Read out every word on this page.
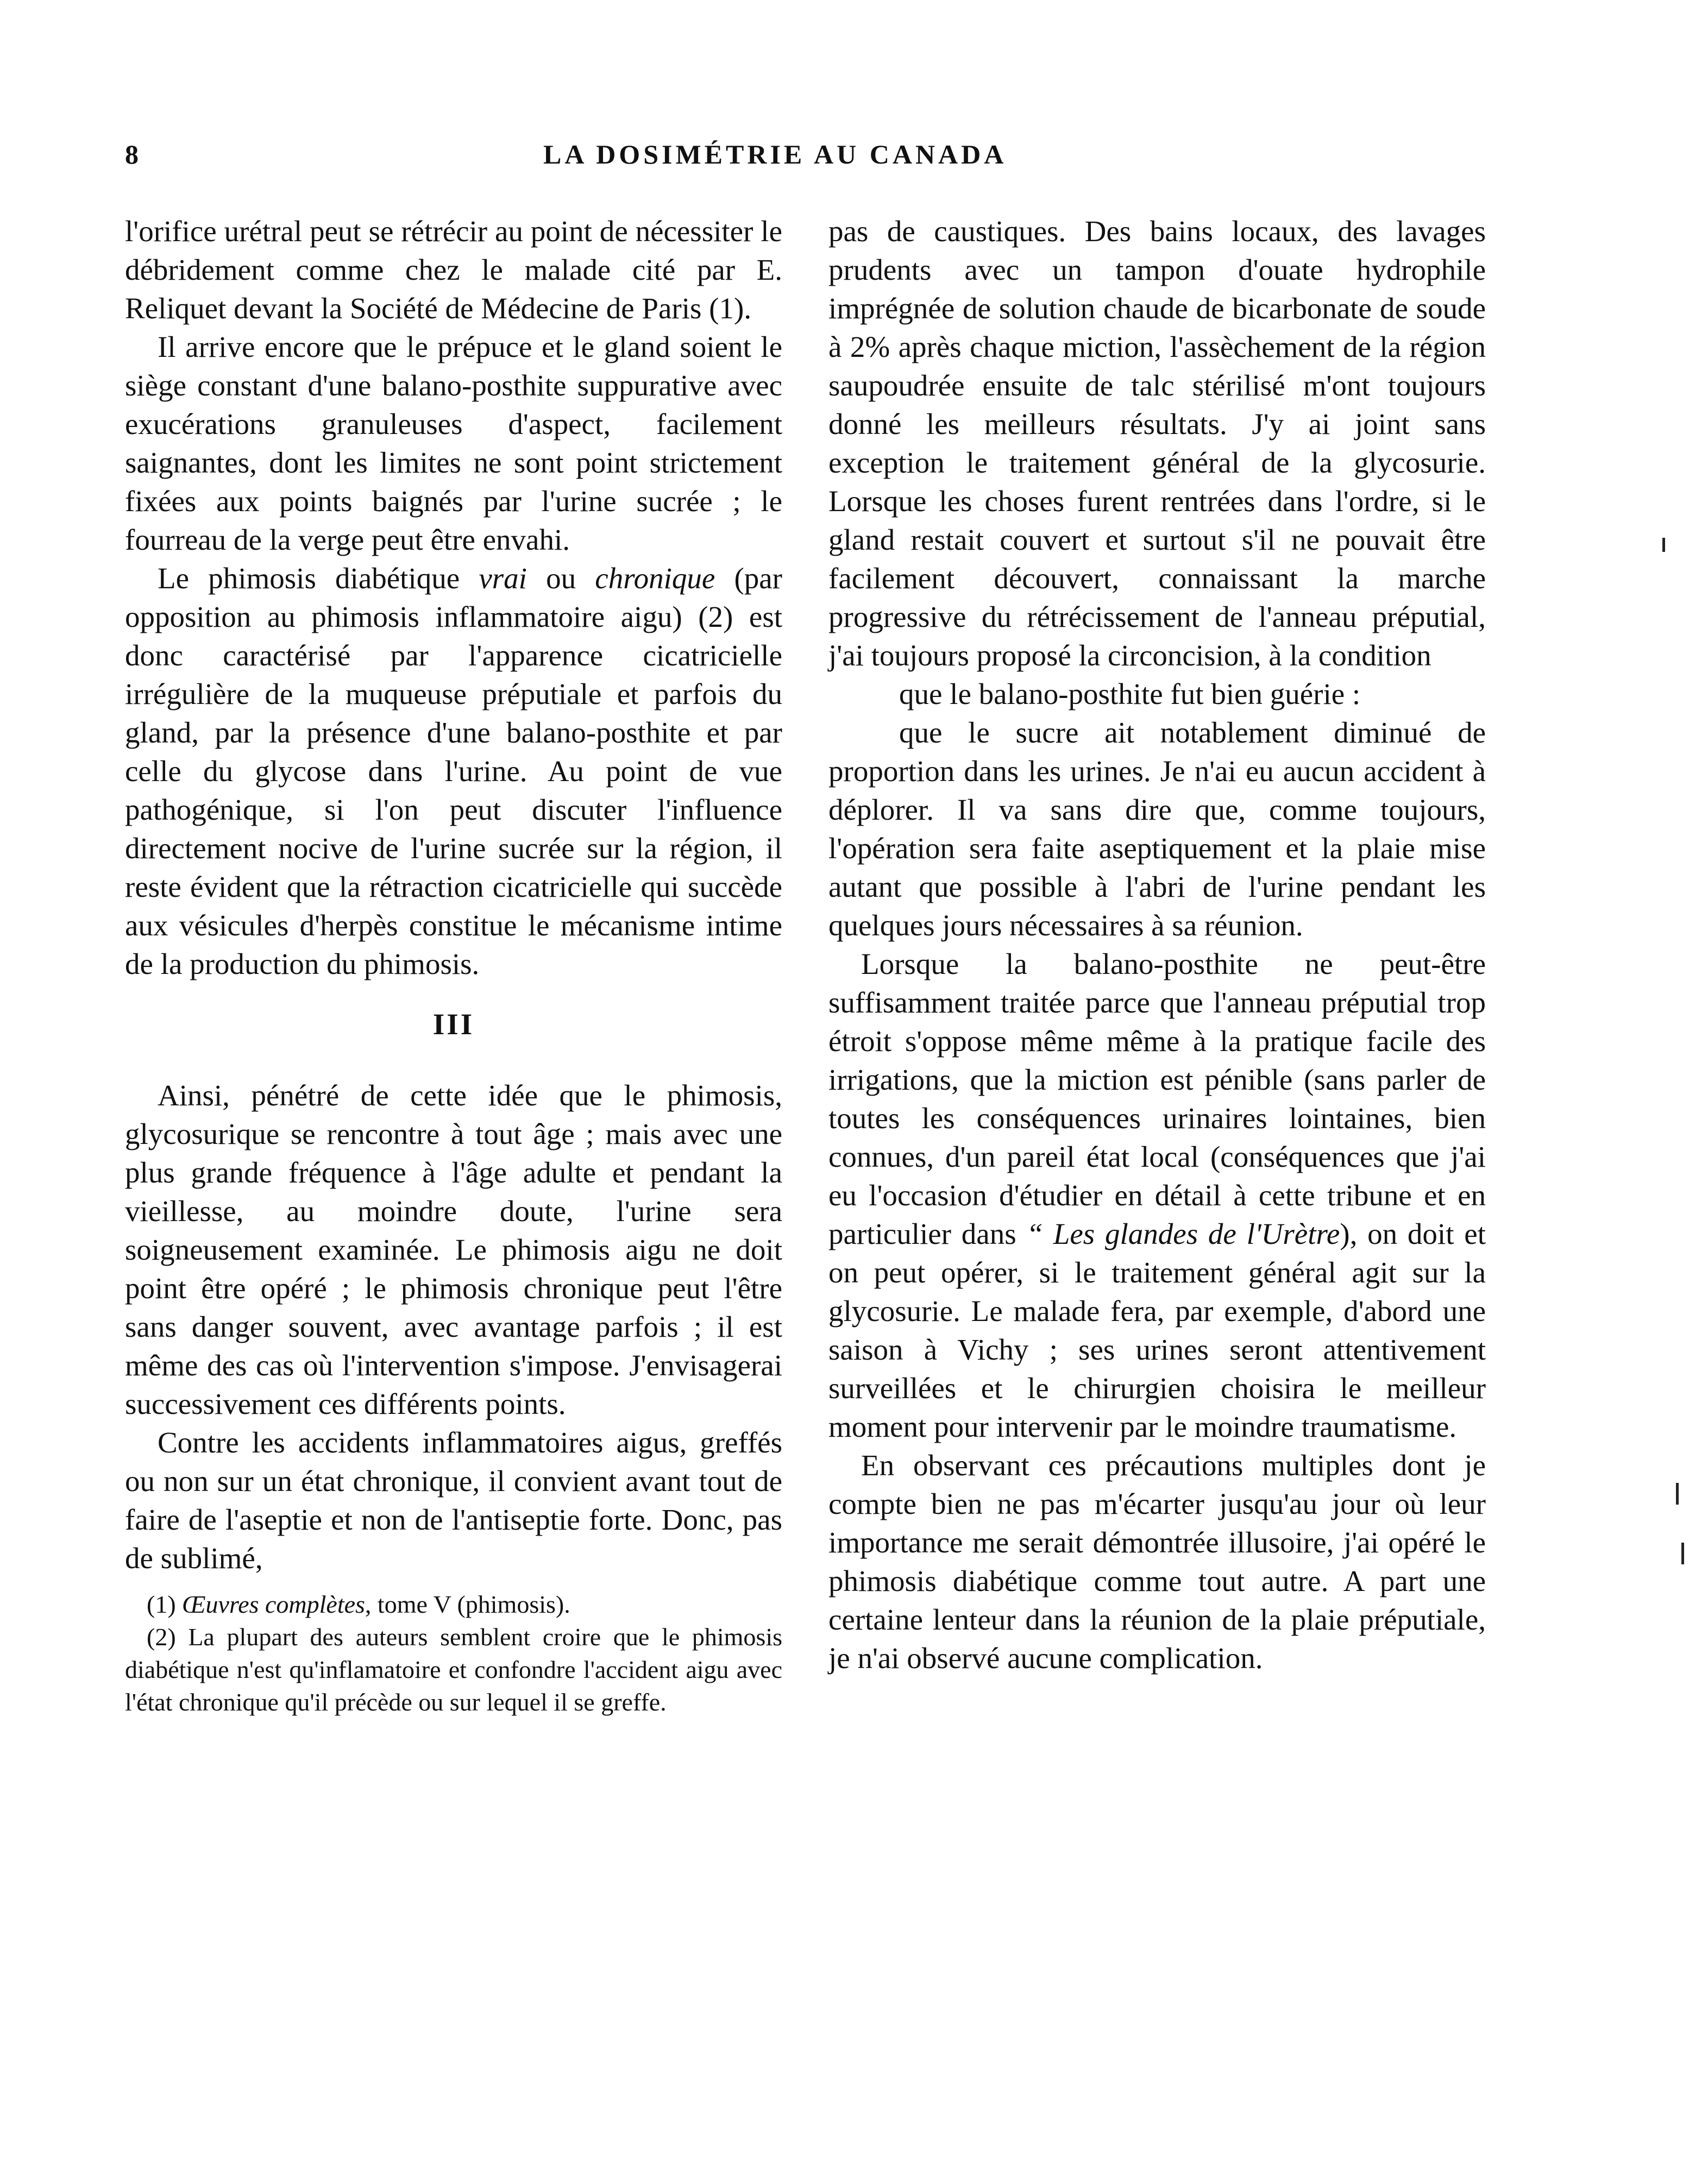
8	LA DOSIMÉTRIE AU CANADA

l'orifice urétral peut se rétrécir au point de nécessiter le débridement comme chez le malade cité par E. Reliquet devant la Société de Médecine de Paris (1).

Il arrive encore que le prépuce et le gland soient le siège constant d'une balano-posthite suppurative avec exucérations granuleuses d'aspect, facilement saignantes, dont les limites ne sont point strictement fixées aux points baignés par l'urine sucrée ; le fourreau de la verge peut être envahi.

Le phimosis diabétique vrai ou chronique (par opposition au phimosis inflammatoire aigu) (2) est donc caractérisé par l'apparence cicatricielle irrégulière de la muqueuse préputiale et parfois du gland, par la présence d'une balano-posthite et par celle du glycose dans l'urine. Au point de vue pathogénique, si l'on peut discuter l'influence directement nocive de l'urine sucrée sur la région, il reste évident que la rétraction cicatricielle qui succède aux vésicules d'herpès constitue le mécanisme intime de la production du phimosis.

III

Ainsi, pénétré de cette idée que le phimosis, glycosurique se rencontre à tout âge ; mais avec une plus grande fréquence à l'âge adulte et pendant la vieillesse, au moindre doute, l'urine sera soigneusement examinée. Le phimosis aigu ne doit point être opéré ; le phimosis chronique peut l'être sans danger souvent, avec avantage parfois ; il est même des cas où l'intervention s'impose. J'envisagerai successivement ces différents points.

Contre les accidents inflammatoires aigus, greffés ou non sur un état chronique, il convient avant tout de faire de l'aseptie et non de l'antiseptie forte. Donc, pas de sublimé,

(1) Œuvres complètes, tome V (phimosis).

(2) La plupart des auteurs semblent croire que le phimosis diabétique n'est qu'inflamatoire et confondre l'accident aigu avec l'état chronique qu'il précède ou sur lequel il se greffe.

pas de caustiques. Des bains locaux, des lavages prudents avec un tampon d'ouate hydrophile imprégnée de solution chaude de bicarbonate de soude à 2% après chaque miction, l'assèchement de la région saupoudrée ensuite de talc stérilisé m'ont toujours donné les meilleurs résultats. J'y ai joint sans exception le traitement général de la glycosurie. Lorsque les choses furent rentrées dans l'ordre, si le gland restait couvert et surtout s'il ne pouvait être facilement découvert, connaissant la marche progressive du rétrécissement de l'anneau préputial, j'ai toujours proposé la circoncision, à la condition

que le balano-posthite fut bien guérie :

que le sucre ait notablement diminué de proportion dans les urines. Je n'ai eu aucun accident à déplorer. Il va sans dire que, comme toujours, l'opération sera faite aseptiquement et la plaie mise autant que possible à l'abri de l'urine pendant les quelques jours nécessaires à sa réunion.

Lorsque la balano-posthite ne peut-être suffisamment traitée parce que l'anneau préputial trop étroit s'oppose même même à la pratique facile des irrigations, que la miction est pénible (sans parler de toutes les conséquences urinaires lointaines, bien connues, d'un pareil état local (conséquences que j'ai eu l'occasion d'étudier en détail à cette tribune et en particulier dans “ Les glandes de l'Urètre), on doit et on peut opérer, si le traitement général agit sur la glycosurie. Le malade fera, par exemple, d'abord une saison à Vichy ; ses urines seront attentivement surveillées et le chirurgien choisira le meilleur moment pour intervenir par le moindre traumatisme.

En observant ces précautions multiples dont je compte bien ne pas m'écarter jusqu'au jour où leur importance me serait démontrée illusoire, j'ai opéré le phimosis diabétique comme tout autre. A part une certaine lenteur dans la réunion de la plaie préputiale, je n'ai observé aucune complication.
